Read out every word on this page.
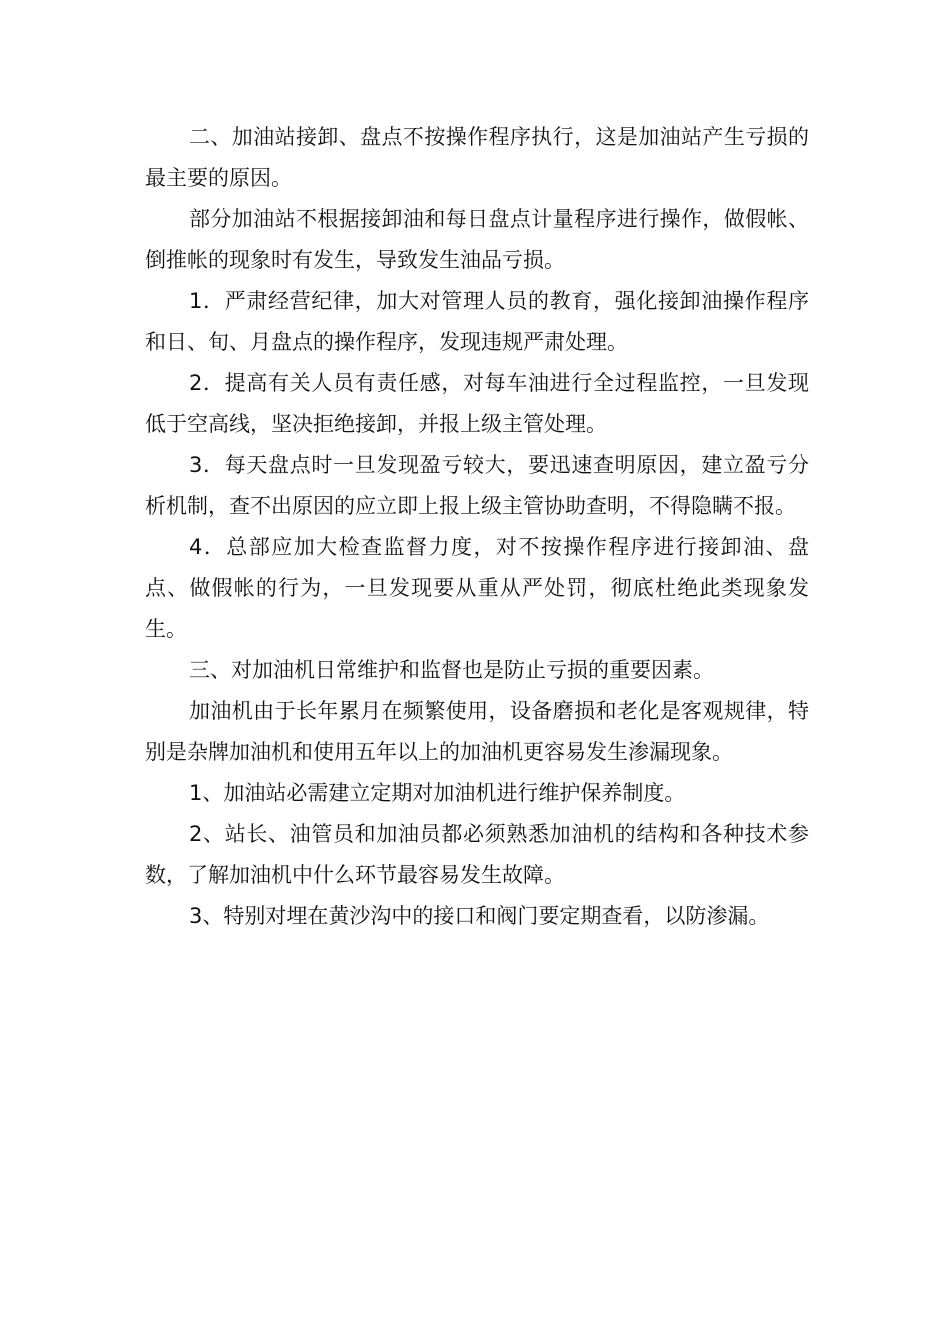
二、加油站接卸、盘点不按操作程序执行，这是加油站产生亏损的最主要的原因。

部分加油站不根据接卸油和每日盘点计量程序进行操作，做假帐、倒推帐的现象时有发生，导致发生油品亏损。

1．严肃经营纪律，加大对管理人员的教育，强化接卸油操作程序和日、旬、月盘点的操作程序，发现违规严肃处理。

2．提高有关人员有责任感，对每车油进行全过程监控，一旦发现低于空高线，坚决拒绝接卸，并报上级主管处理。

3．每天盘点时一旦发现盈亏较大，要迅速查明原因，建立盈亏分析机制，查不出原因的应立即上报上级主管协助查明，不得隐瞒不报。

4．总部应加大检查监督力度，对不按操作程序进行接卸油、盘点、做假帐的行为，一旦发现要从重从严处罚，彻底杜绝此类现象发生。

三、对加油机日常维护和监督也是防止亏损的重要因素。

加油机由于长年累月在频繁使用，设备磨损和老化是客观规律，特别是杂牌加油机和使用五年以上的加油机更容易发生渗漏现象。

1、加油站必需建立定期对加油机进行维护保养制度。

2、站长、油管员和加油员都必须熟悉加油机的结构和各种技术参数，了解加油机中什么环节最容易发生故障。

3、特别对埋在黄沙沟中的接口和阀门要定期查看，以防渗漏。
